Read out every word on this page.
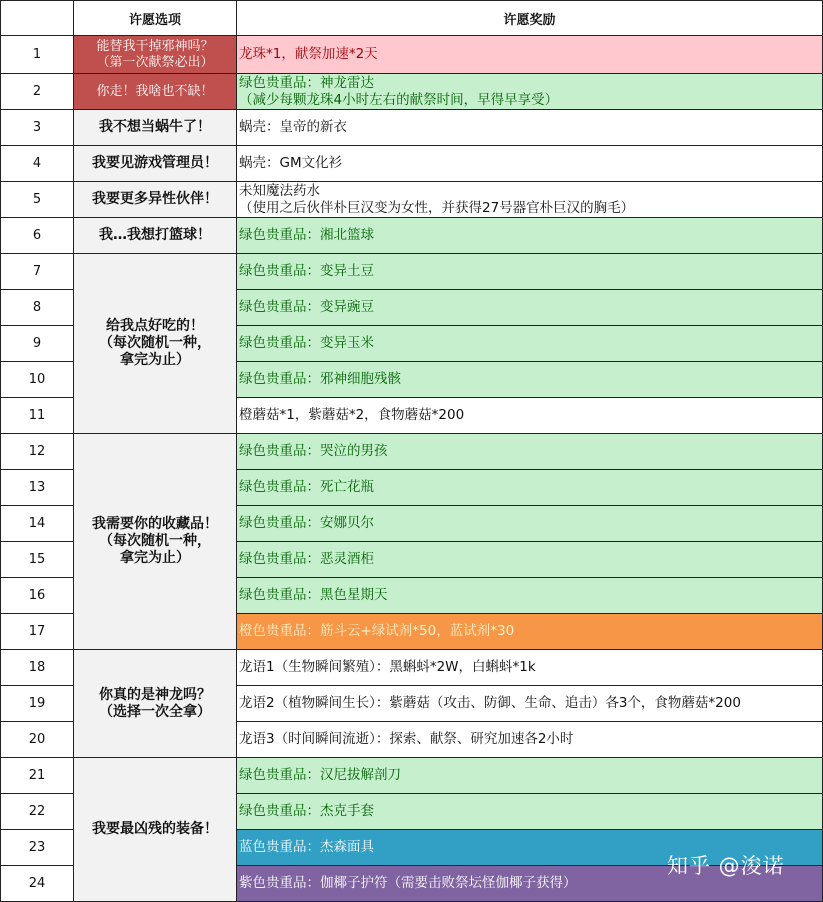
	许愿选项	许愿奖励
1	能替我干掉邪神吗？
（第一次献祭必出）	龙珠*1，献祭加速*2天
2	你走！我啥也不缺！	绿色贵重品：神龙雷达
（减少每颗龙珠4小时左右的献祭时间，早得早享受）
3	我不想当蜗牛了！	蜗壳：皇帝的新衣
4	我要见游戏管理员！	蜗壳：GM文化衫
5	我要更多异性伙伴！	未知魔法药水
（使用之后伙伴朴巨汉变为女性，并获得27号器官朴巨汉的胸毛）
6	我…我想打篮球！	绿色贵重品：湘北篮球
7	给我点好吃的！
（每次随机一种，
拿完为止）	绿色贵重品：变异土豆
8		绿色贵重品：变异豌豆
9		绿色贵重品：变异玉米
10		绿色贵重品：邪神细胞残骸
11		橙蘑菇*1，紫蘑菇*2，食物蘑菇*200
12	我需要你的收藏品！
（每次随机一种，
拿完为止）	绿色贵重品：哭泣的男孩
13		绿色贵重品：死亡花瓶
14		绿色贵重品：安娜贝尔
15		绿色贵重品：恶灵酒柜
16		绿色贵重品：黑色星期天
17		橙色贵重品：筋斗云+绿试剂*50，蓝试剂*30
18	你真的是神龙吗？
（选择一次全拿）	龙语1（生物瞬间繁殖）：黑蝌蚪*2W，白蝌蚪*1k
19		龙语2（植物瞬间生长）：紫蘑菇（攻击、防御、生命、追击）各3个，食物蘑菇*200
20		龙语3（时间瞬间流逝）：探索、献祭、研究加速各2小时
21	我要最凶残的装备！	绿色贵重品：汉尼拔解剖刀
22		绿色贵重品：杰克手套
23		蓝色贵重品：杰森面具
24		紫色贵重品：伽椰子护符（需要击败祭坛怪伽椰子获得）
知乎 @浚诺
